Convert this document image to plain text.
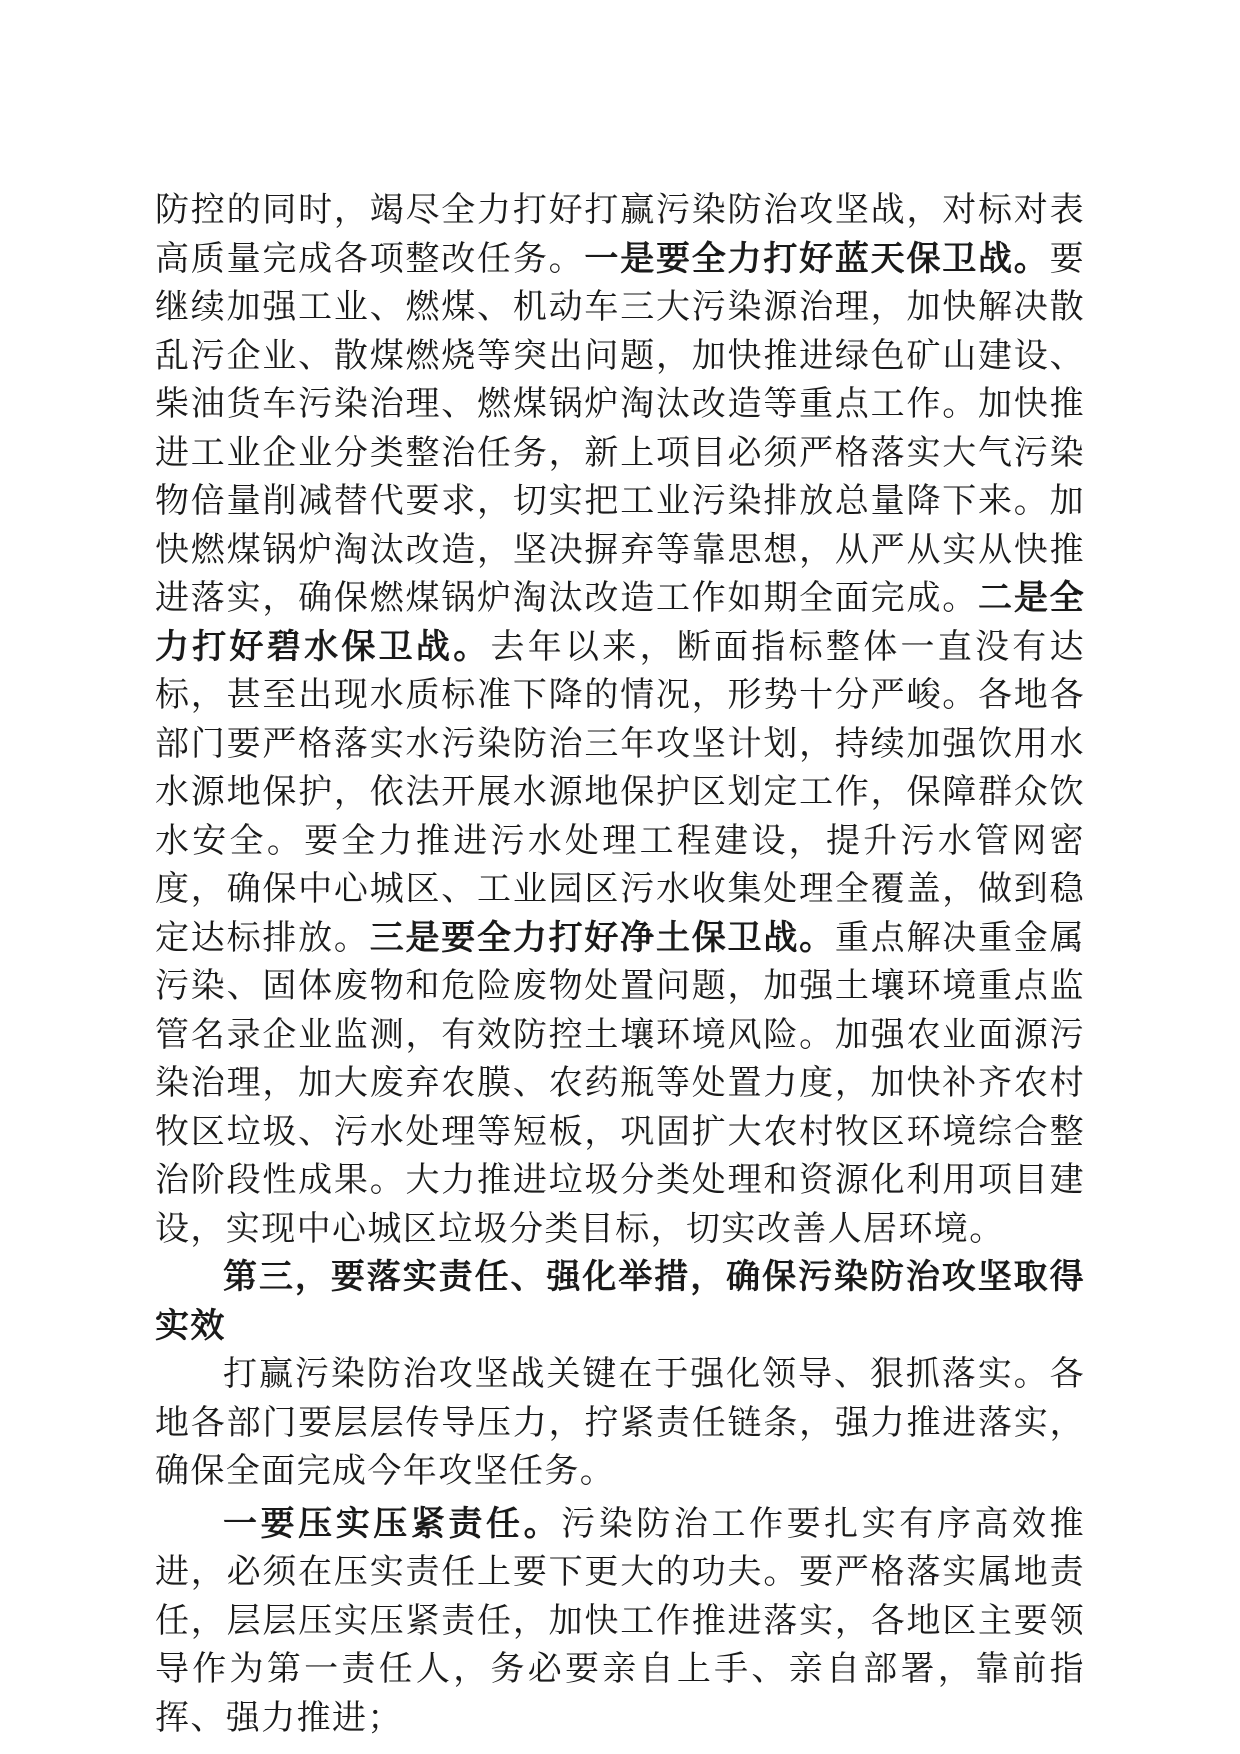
防控的同时，竭尽全力打好打赢污染防治攻坚战，对标对表高质量完成各项整改任务。一是要全力打好蓝天保卫战。要继续加强工业、燃煤、机动车三大污染源治理，加快解决散乱污企业、散煤燃烧等突出问题，加快推进绿色矿山建设、柴油货车污染治理、燃煤锅炉淘汰改造等重点工作。加快推进工业企业分类整治任务，新上项目必须严格落实大气污染物倍量削减替代要求，切实把工业污染排放总量降下来。加快燃煤锅炉淘汰改造，坚决摒弃等靠思想，从严从实从快推进落实，确保燃煤锅炉淘汰改造工作如期全面完成。二是全力打好碧水保卫战。去年以来，断面指标整体一直没有达标，甚至出现水质标准下降的情况，形势十分严峻。各地各部门要严格落实水污染防治三年攻坚计划，持续加强饮用水水源地保护，依法开展水源地保护区划定工作，保障群众饮水安全。要全力推进污水处理工程建设，提升污水管网密度，确保中心城区、工业园区污水收集处理全覆盖，做到稳定达标排放。三是要全力打好净土保卫战。重点解决重金属污染、固体废物和危险废物处置问题，加强土壤环境重点监管名录企业监测，有效防控土壤环境风险。加强农业面源污染治理，加大废弃农膜、农药瓶等处置力度，加快补齐农村牧区垃圾、污水处理等短板，巩固扩大农村牧区环境综合整治阶段性成果。大力推进垃圾分类处理和资源化利用项目建设，实现中心城区垃圾分类目标，切实改善人居环境。

第三，要落实责任、强化举措，确保污染防治攻坚取得实效

打赢污染防治攻坚战关键在于强化领导、狠抓落实。各地各部门要层层传导压力，拧紧责任链条，强力推进落实，确保全面完成今年攻坚任务。

一要压实压紧责任。污染防治工作要扎实有序高效推进，必须在压实责任上要下更大的功夫。要严格落实属地责任，层层压实压紧责任，加快工作推进落实，各地区主要领导作为第一责任人，务必要亲自上手、亲自部署，靠前指挥、强力推进；
